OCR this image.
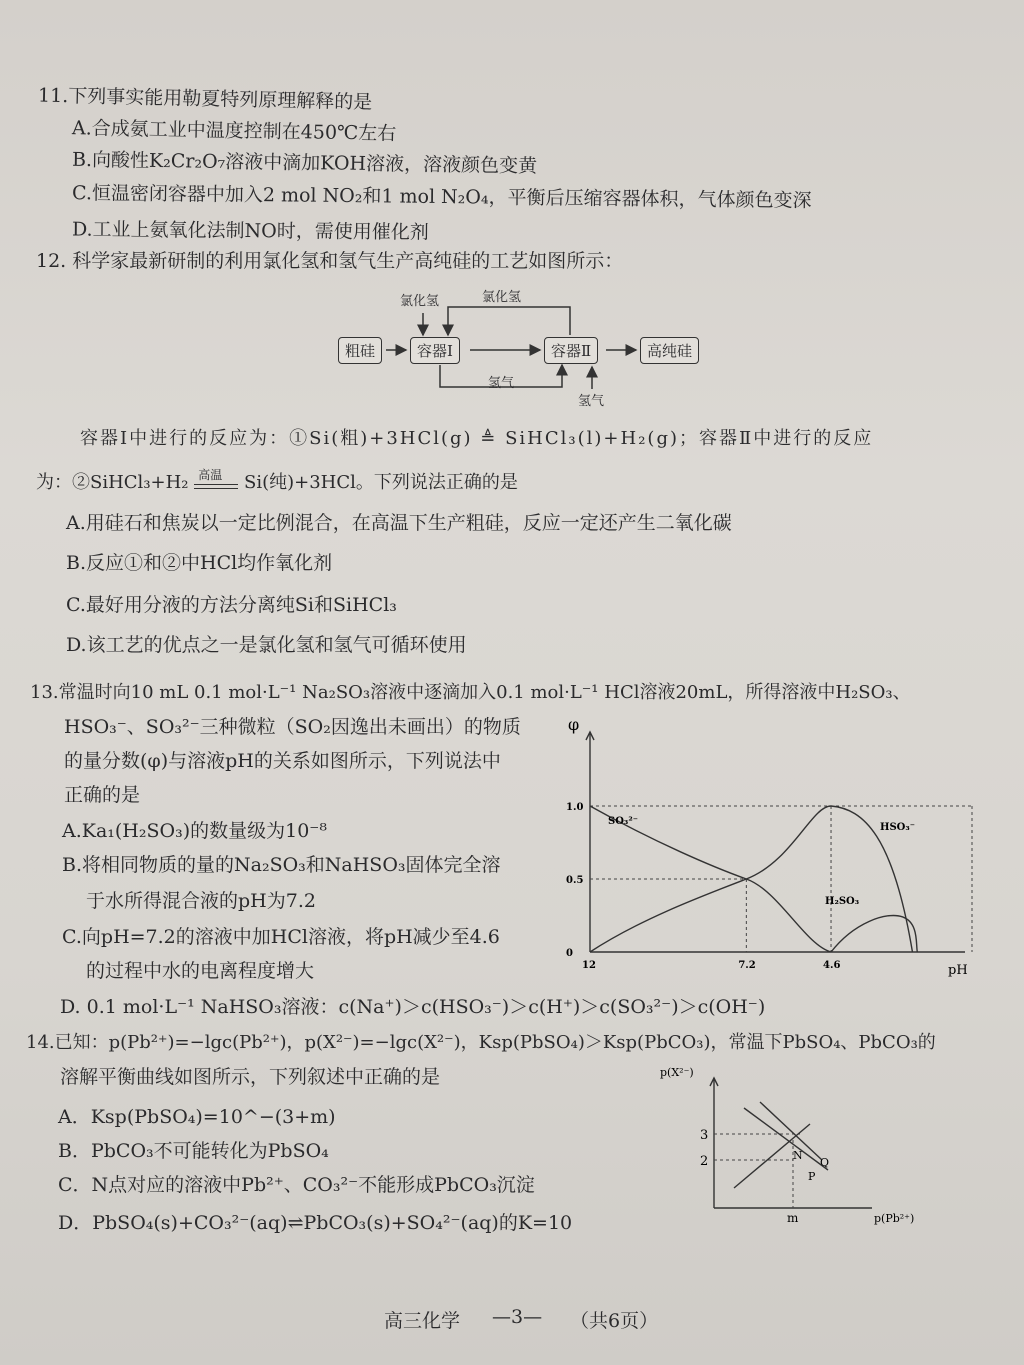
11.下列事实能用勒夏特列原理解释的是
A.合成氨工业中温度控制在450℃左右
B.向酸性K₂Cr₂O₇溶液中滴加KOH溶液，溶液颜色变黄
C.恒温密闭容器中加入2 mol NO₂和1 mol N₂O₄，平衡后压缩容器体积，气体颜色变深
D.工业上氨氧化法制NO时，需使用催化剂
12. 科学家最新研制的利用氯化氢和氢气生产高纯硅的工艺如图所示：
粗硅	容器Ⅰ	容器Ⅱ	高纯硅
氯化氢	氯化氢
氢气
氢气
容器Ⅰ中进行的反应为：①Si(粗)+3HCl(g) ≜ SiHCl₃(l)+H₂(g)；容器Ⅱ中进行的反应
为：②SiHCl₃+H₂ 高温 Si(纯)+3HCl。下列说法正确的是
A.用硅石和焦炭以一定比例混合，在高温下生产粗硅，反应一定还产生二氧化碳
B.反应①和②中HCl均作氧化剂
C.最好用分液的方法分离纯Si和SiHCl₃
D.该工艺的优点之一是氯化氢和氢气可循环使用
13.常温时向10 mL 0.1 mol·L⁻¹ Na₂SO₃溶液中逐滴加入0.1 mol·L⁻¹ HCl溶液20mL，所得溶液中H₂SO₃、
HSO₃⁻、SO₃²⁻三种微粒（SO₂因逸出未画出）的物质
的量分数(φ)与溶液pH的关系如图所示，下列说法中
正确的是
A.Ka₁(H₂SO₃)的数量级为10⁻⁸
B.将相同物质的量的Na₂SO₃和NaHSO₃固体完全溶
于水所得混合液的pH为7.2
C.向pH=7.2的溶液中加HCl溶液，将pH减少至4.6
的过程中水的电离程度增大
D. 0.1 mol·L⁻¹ NaHSO₃溶液：c(Na⁺)＞c(HSO₃⁻)＞c(H⁺)＞c(SO₃²⁻)＞c(OH⁻)
φ
pH
1.0
0.5
0
12	7.2	4.6
SO₃²⁻
HSO₃⁻
H₂SO₃
14.已知：p(Pb²⁺)=−lgc(Pb²⁺)，p(X²⁻)=−lgc(X²⁻)，Ksp(PbSO₄)＞Ksp(PbCO₃)，常温下PbSO₄、PbCO₃的
溶解平衡曲线如图所示，下列叙述中正确的是
A．Ksp(PbSO₄)=10^−(3+m)
B．PbCO₃不可能转化为PbSO₄
C．N点对应的溶液中Pb²⁺、CO₃²⁻不能形成PbCO₃沉淀
D．PbSO₄(s)+CO₃²⁻(aq)⇌PbCO₃(s)+SO₄²⁻(aq)的K=10
p(X²⁻)
p(Pb²⁺)
3
2
m
N
P
Q
高三化学 —3— （共6页）
